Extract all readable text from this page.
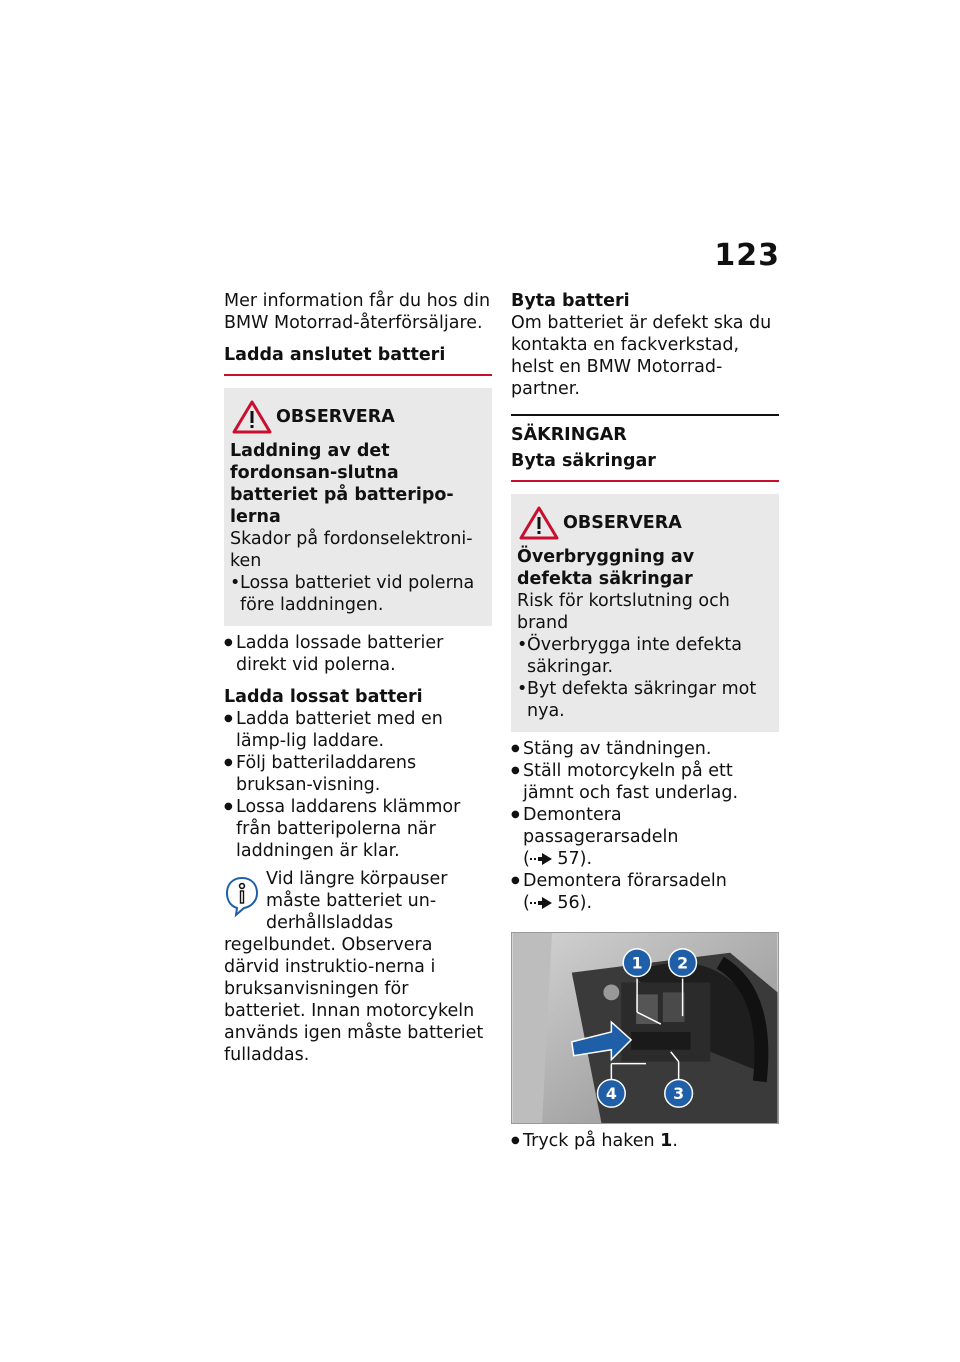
123

Mer information får du hos din BMW Motorrad-återförsäljare.

Ladda anslutet batteri
OBSERVERA

Laddning av det fordonsan-slutna batteriet på batteripo-lerna

Skador på fordonselektroni-ken

• Lossa batteriet vid polerna före laddningen.
● Ladda lossade batterier direkt vid polerna.
Ladda lossat batteri
● Ladda batteriet med en lämp-lig laddare.
● Följ batteriladdarens bruksan-visning.
● Lossa laddarens klämmor från batteripolerna när laddningen är klar.
Vid längre körpauser måste batteriet un-derhållsladdas regelbundet. Observera därvid instruktio-nerna i bruksanvisningen för batteriet. Innan motorcykeln används igen måste batteriet fulladdas.
Byta batteri

Om batteriet är defekt ska du kontakta en fackverkstad, helst en BMW Motorrad-partner.

SÄKRINGAR
Byta säkringar
OBSERVERA

Överbryggning av defekta säkringar

Risk för kortslutning och brand

• Överbrygga inte defekta säkringar.
• Byt defekta säkringar mot nya.
● Stäng av tändningen.
● Ställ motorcykeln på ett jämnt och fast underlag.
● Demontera passagerarsadeln
( 57).
● Demontera förarsadeln
( 56).
1 2
3
4
● Tryck på haken 1.
